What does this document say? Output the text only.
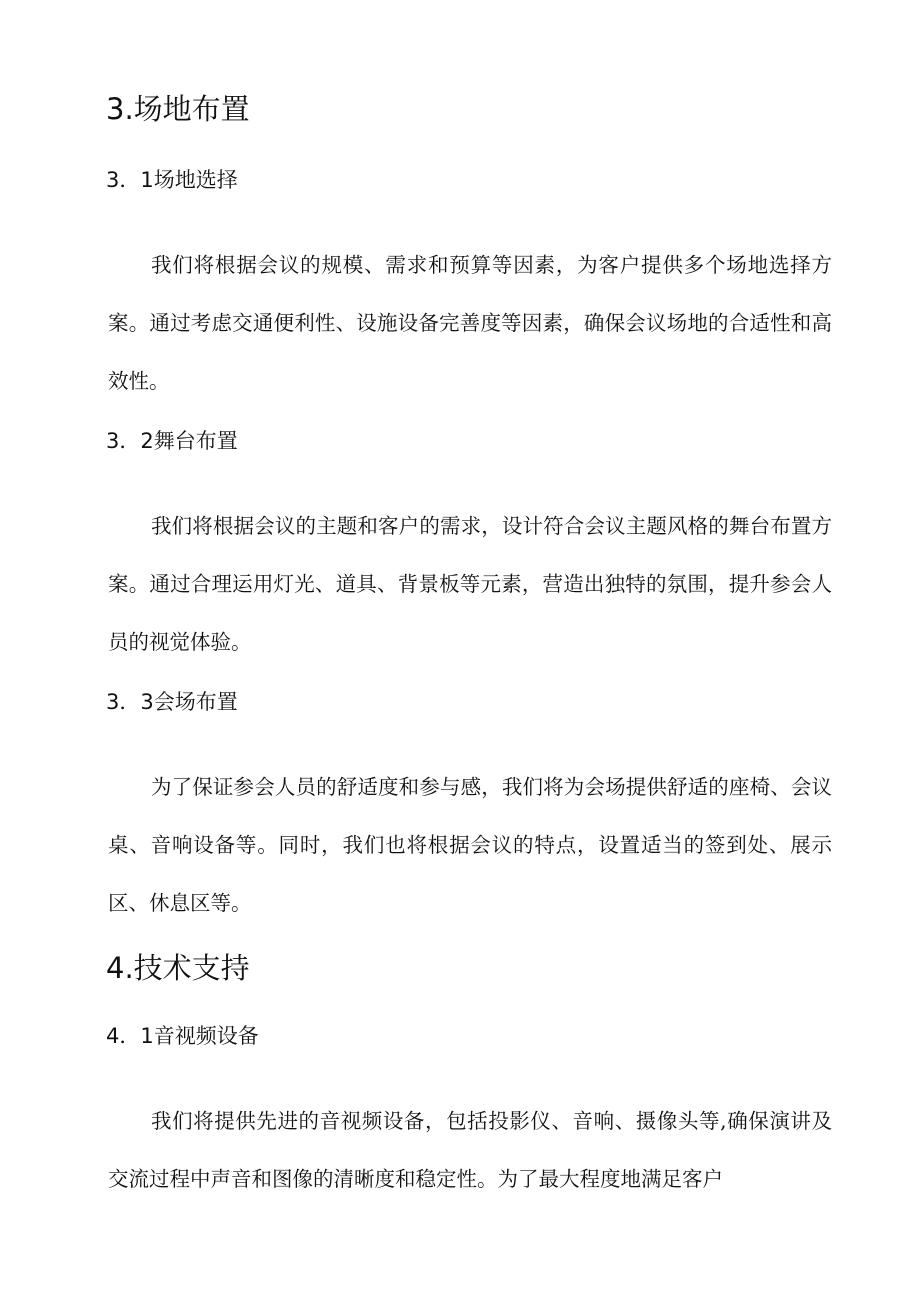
3.场地布置
3．1场地选择

我们将根据会议的规模、需求和预算等因素，为客户提供多个场地选择方案。通过考虑交通便利性、设施设备完善度等因素，确保会议场地的合适性和高效性。

3．2舞台布置

我们将根据会议的主题和客户的需求，设计符合会议主题风格的舞台布置方案。通过合理运用灯光、道具、背景板等元素，营造出独特的氛围，提升参会人员的视觉体验。

3．3会场布置

为了保证参会人员的舒适度和参与感，我们将为会场提供舒适的座椅、会议桌、音响设备等。同时，我们也将根据会议的特点，设置适当的签到处、展示区、休息区等。

4.技术支持
4．1音视频设备

我们将提供先进的音视频设备，包括投影仪、音响、摄像头等,确保演讲及交流过程中声音和图像的清晰度和稳定性。为了最大程度地满足客户
